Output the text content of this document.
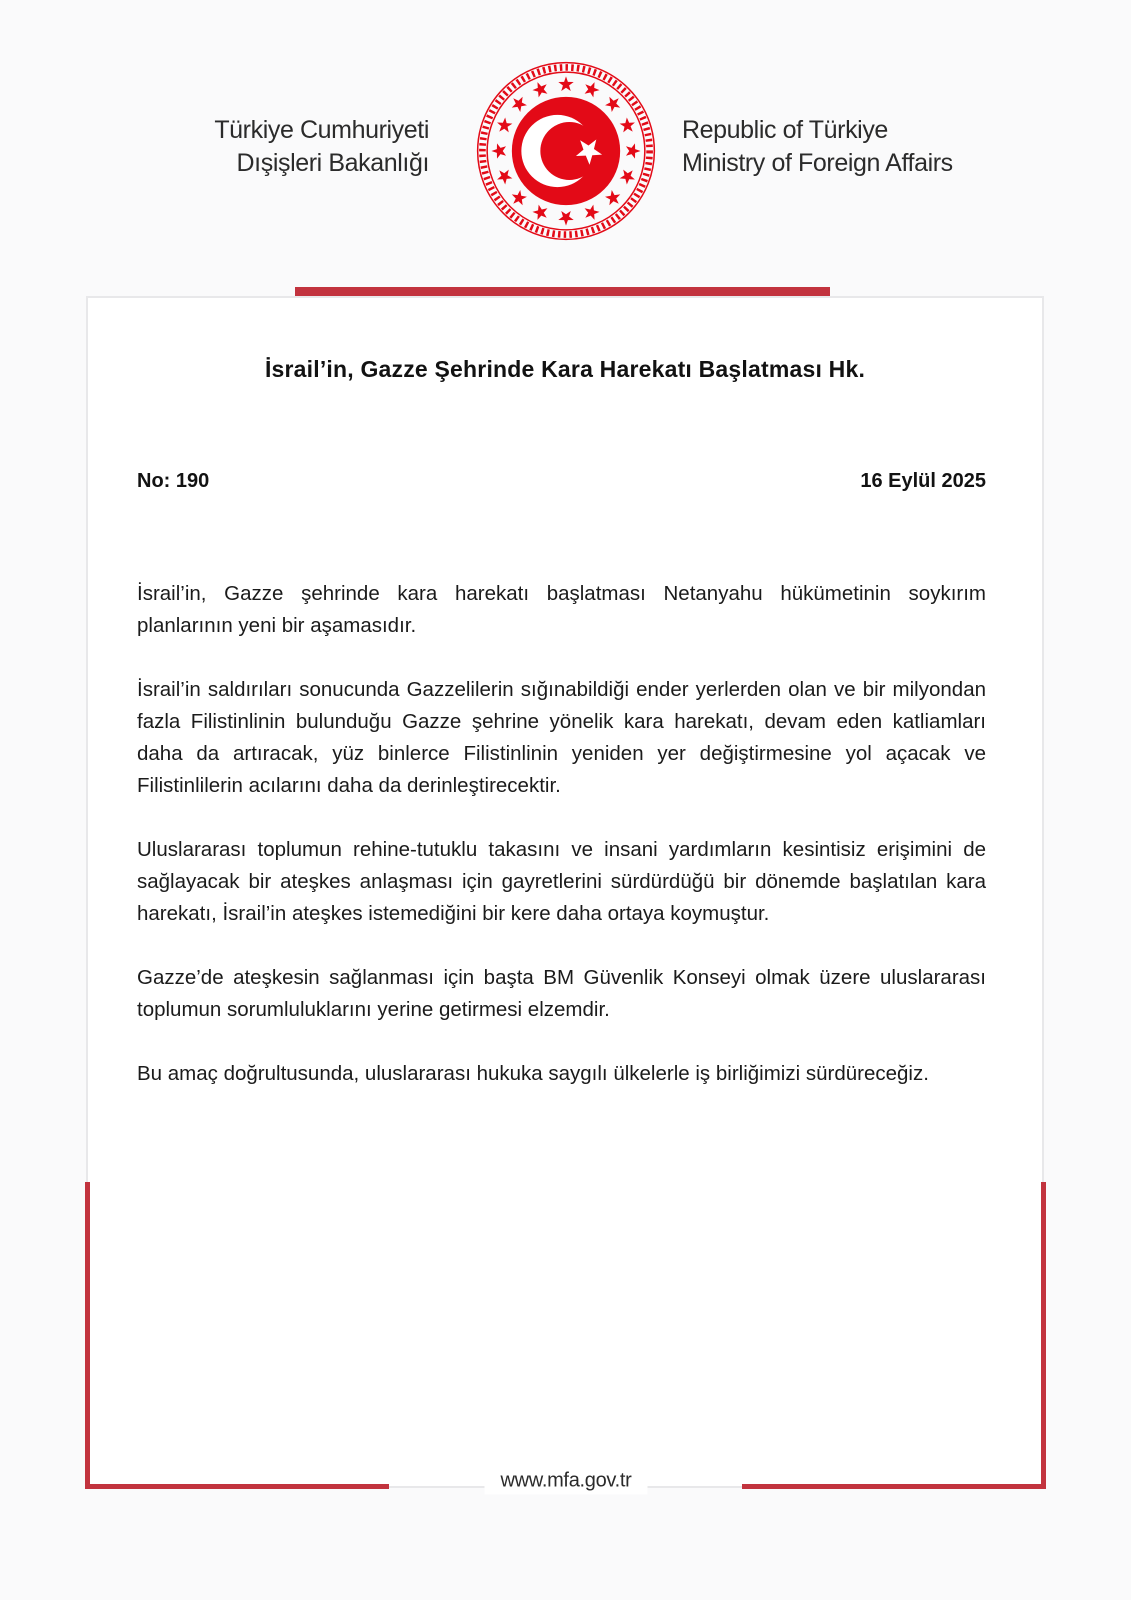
Türkiye Cumhuriyeti
Dışişleri Bakanlığı
Republic of Türkiye
Ministry of Foreign Affairs
www.mfa.gov.tr
İsrail’in, Gazze Şehrinde Kara Harekatı Başlatması Hk.
No: 190	16 Eylül 2025

İsrail’in, Gazze şehrinde kara harekatı başlatması Netanyahu hükümetinin soykırım planlarının yeni bir aşamasıdır.

İsrail’in saldırıları sonucunda Gazzelilerin sığınabildiği ender yerlerden olan ve bir milyondan fazla Filistinlinin bulunduğu Gazze şehrine yönelik kara harekatı, devam eden katliamları daha da artıracak, yüz binlerce Filistinlinin yeniden yer değiştirmesine yol açacak ve Filistinlilerin acılarını daha da derinleştirecektir.

Uluslararası toplumun rehine-tutuklu takasını ve insani yardımların kesintisiz erişimini de sağlayacak bir ateşkes anlaşması için gayretlerini sürdürdüğü bir dönemde başlatılan kara harekatı, İsrail’in ateşkes istemediğini bir kere daha ortaya koymuştur.

Gazze’de ateşkesin sağlanması için başta BM Güvenlik Konseyi olmak üzere uluslararası toplumun sorumluluklarını yerine getirmesi elzemdir.

Bu amaç doğrultusunda, uluslararası hukuka saygılı ülkelerle iş birliğimizi sürdüreceğiz.
